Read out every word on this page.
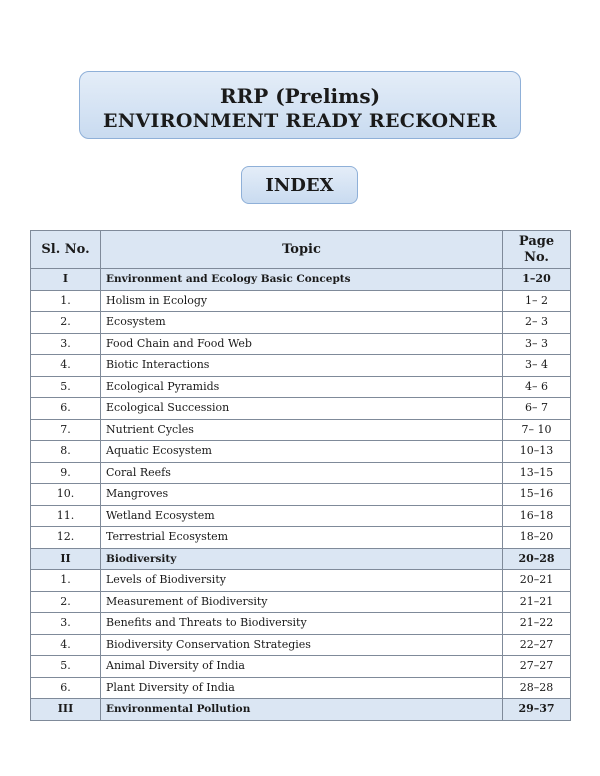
RRP (Prelims)
ENVIRONMENT READY RECKONER
INDEX
Sl. No.	Topic	Page No.
I	Environment and Ecology Basic Concepts	1–20
1.	Holism in Ecology	1– 2
2.	Ecosystem	2– 3
3.	Food Chain and Food Web	3– 3
4.	Biotic Interactions	3– 4
5.	Ecological Pyramids	4– 6
6.	Ecological Succession	6– 7
7.	Nutrient Cycles	7– 10
8.	Aquatic Ecosystem	10–13
9.	Coral Reefs	13–15
10.	Mangroves	15–16
11.	Wetland Ecosystem	16–18
12.	Terrestrial Ecosystem	18–20
II	Biodiversity	20–28
1.	Levels of Biodiversity	20–21
2.	Measurement of Biodiversity	21–21
3.	Benefits and Threats to Biodiversity	21–22
4.	Biodiversity Conservation Strategies	22–27
5.	Animal Diversity of India	27–27
6.	Plant Diversity of India	28–28
III	Environmental Pollution	29–37
